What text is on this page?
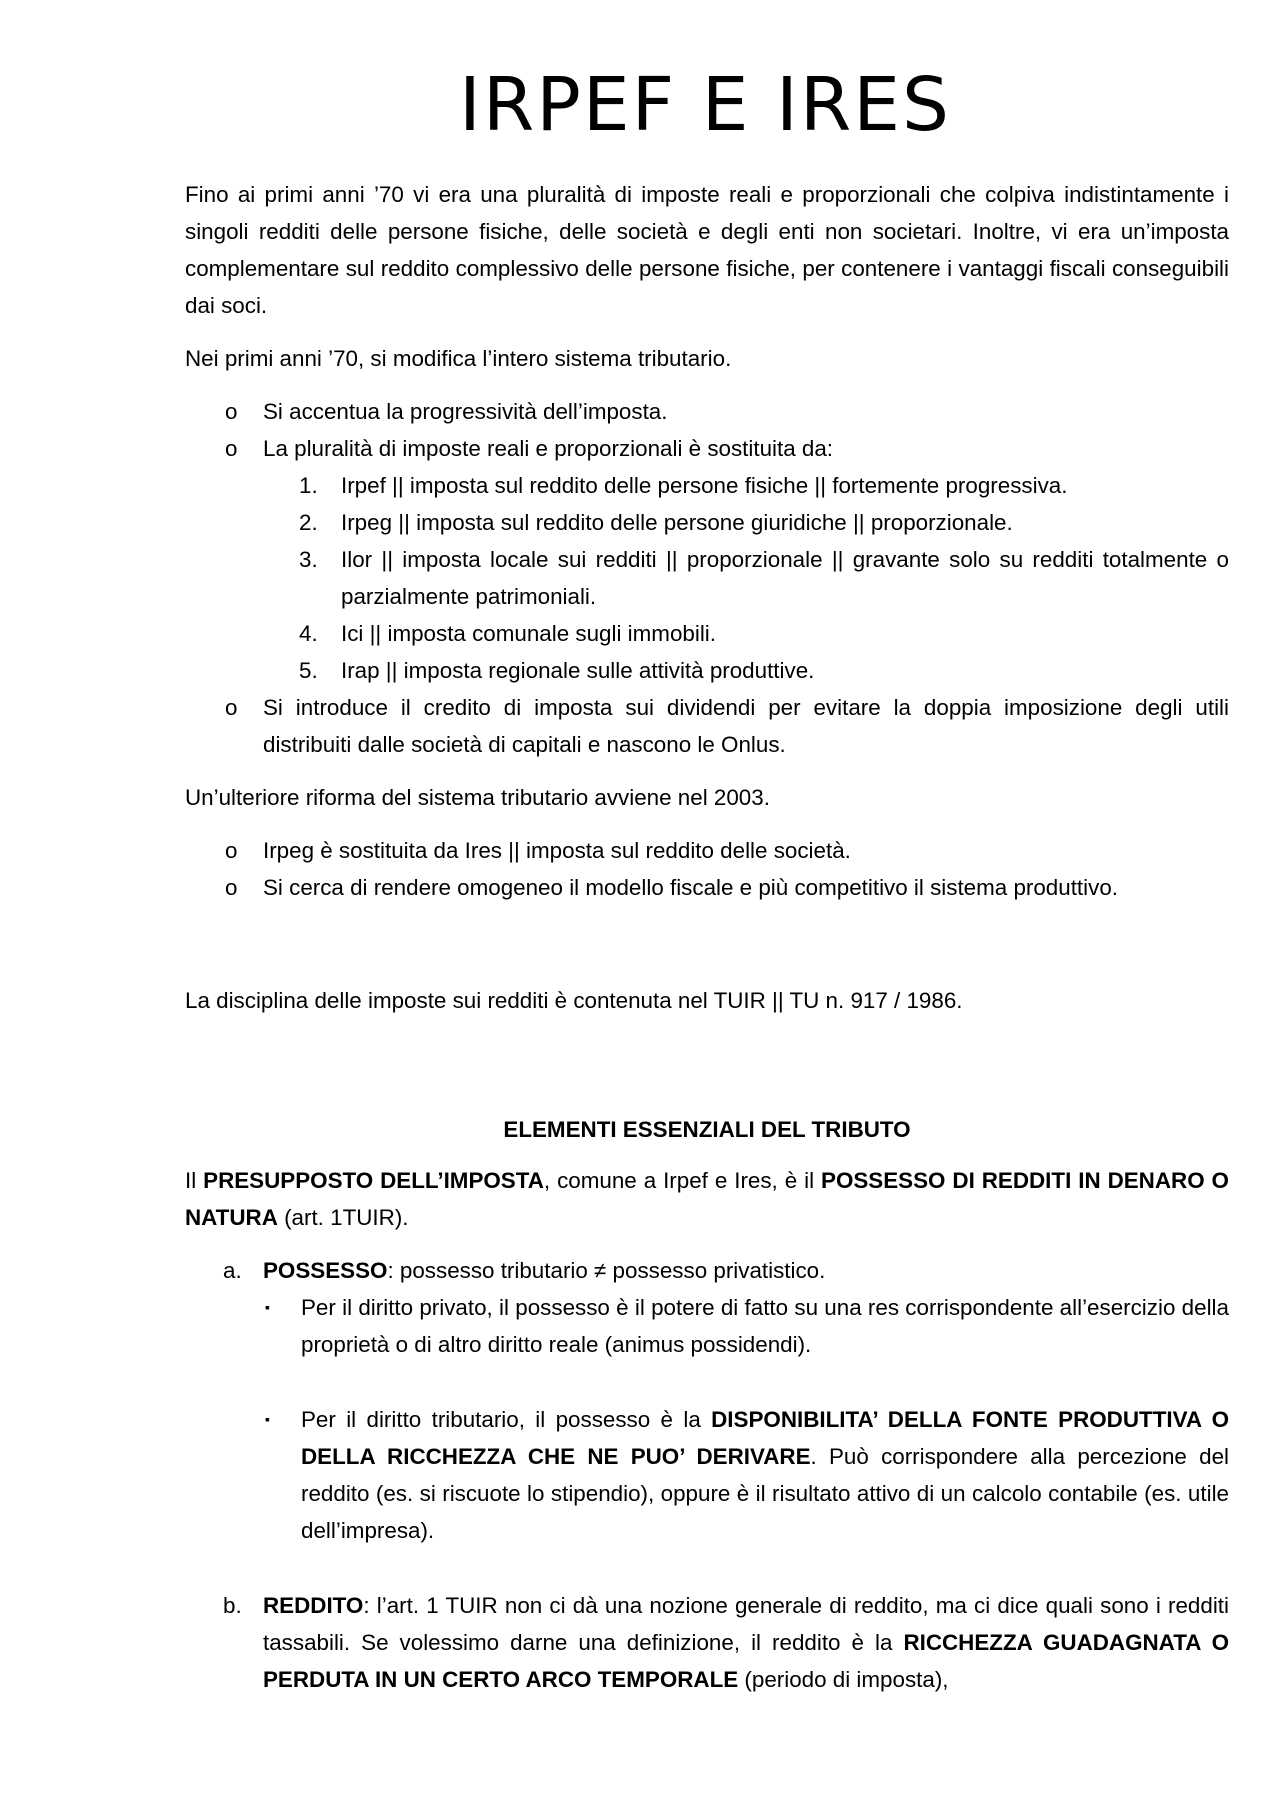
IRPEF E IRES

Fino ai primi anni ’70 vi era una pluralità di imposte reali e proporzionali che colpiva indistintamente i singoli redditi delle persone fisiche, delle società e degli enti non societari. Inoltre, vi era un’imposta complementare sul reddito complessivo delle persone fisiche, per contenere i vantaggi fiscali conseguibili dai soci.

Nei primi anni ’70, si modifica l’intero sistema tributario.

o	Si accentua la progressività dell’imposta.
o	La pluralità di imposte reali e proporzionali è sostituita da:
1. Irpef || imposta sul reddito delle persone fisiche || fortemente progressiva.
2. Irpeg || imposta sul reddito delle persone giuridiche || proporzionale.
3. Ilor || imposta locale sui redditi || proporzionale || gravante solo su redditi totalmente o parzialmente patrimoniali.
4. Ici || imposta comunale sugli immobili.
5. Irap || imposta regionale sulle attività produttive.
o	Si introduce il credito di imposta sui dividendi per evitare la doppia imposizione degli utili distribuiti dalle società di capitali e nascono le Onlus.

Un’ulteriore riforma del sistema tributario avviene nel 2003.

o	Irpeg è sostituita da Ires || imposta sul reddito delle società.
o	Si cerca di rendere omogeneo il modello fiscale e più competitivo il sistema produttivo.

La disciplina delle imposte sui redditi è contenuta nel TUIR || TU n. 917 / 1986.

ELEMENTI ESSENZIALI DEL TRIBUTO

Il PRESUPPOSTO DELL’IMPOSTA, comune a Irpef e Ires, è il POSSESSO DI REDDITI IN DENARO O NATURA (art. 1TUIR).

a. POSSESSO: possesso tributario ≠ possesso privatistico.
▪ Per il diritto privato, il possesso è il potere di fatto su una res corrispondente all’esercizio della proprietà o di altro diritto reale (animus possidendi).
▪ Per il diritto tributario, il possesso è la DISPONIBILITA’ DELLA FONTE PRODUTTIVA O DELLA RICCHEZZA CHE NE PUO’ DERIVARE. Può corrispondere alla percezione del reddito (es. si riscuote lo stipendio), oppure è il risultato attivo di un calcolo contabile (es. utile dell’impresa).
b. REDDITO: l’art. 1 TUIR non ci dà una nozione generale di reddito, ma ci dice quali sono i redditi tassabili. Se volessimo darne una definizione, il reddito è la RICCHEZZA GUADAGNATA O PERDUTA IN UN CERTO ARCO TEMPORALE (periodo di imposta),
